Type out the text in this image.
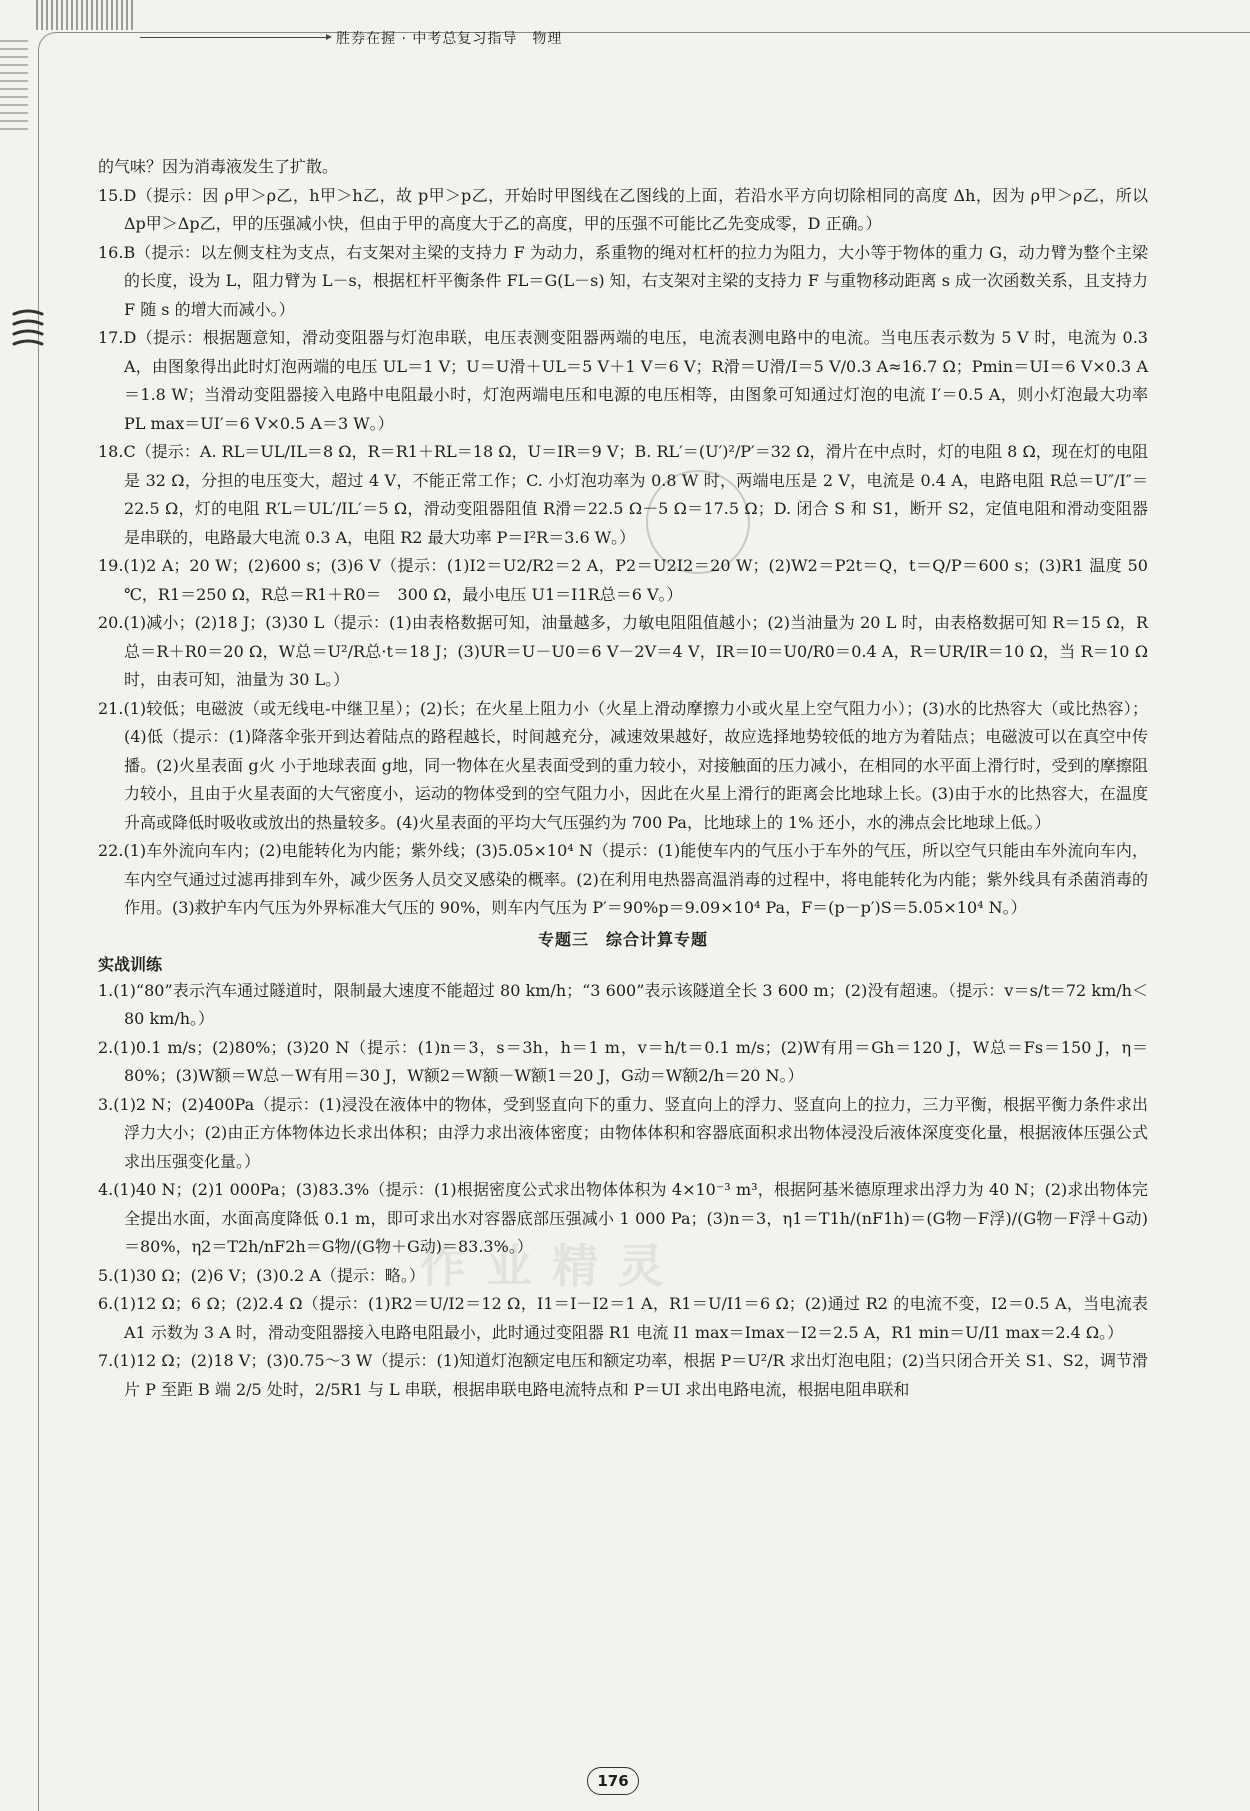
胜券在握 · 中考总复习指导　物理
作业精灵

的气味？因为消毒液发生了扩散。

15.D（提示：因 ρ甲＞ρ乙，h甲＞h乙，故 p甲＞p乙，开始时甲图线在乙图线的上面，若沿水平方向切除相同的高度 Δh，因为 ρ甲＞ρ乙，所以 Δp甲＞Δp乙，甲的压强减小快，但由于甲的高度大于乙的高度，甲的压强不可能比乙先变成零，D 正确。）

16.B（提示：以左侧支柱为支点，右支架对主梁的支持力 F 为动力，系重物的绳对杠杆的拉力为阻力，大小等于物体的重力 G，动力臂为整个主梁的长度，设为 L，阻力臂为 L－s，根据杠杆平衡条件 FL＝G(L－s) 知，右支架对主梁的支持力 F 与重物移动距离 s 成一次函数关系，且支持力 F 随 s 的增大而减小。）

17.D（提示：根据题意知，滑动变阻器与灯泡串联，电压表测变阻器两端的电压，电流表测电路中的电流。当电压表示数为 5 V 时，电流为 0.3 A，由图象得出此时灯泡两端的电压 UL＝1 V；U＝U滑＋UL＝5 V＋1 V＝6 V；R滑＝U滑/I＝5 V/0.3 A≈16.7 Ω；Pmin＝UI＝6 V×0.3 A＝1.8 W；当滑动变阻器接入电路中电阻最小时，灯泡两端电压和电源的电压相等，由图象可知通过灯泡的电流 I′＝0.5 A，则小灯泡最大功率 PL max＝UI′＝6 V×0.5 A＝3 W。）

18.C（提示：A. RL＝UL/IL＝8 Ω，R＝R1＋RL＝18 Ω，U＝IR＝9 V；B. RL′＝(U′)²/P′＝32 Ω，滑片在中点时，灯的电阻 8 Ω，现在灯的电阻是 32 Ω，分担的电压变大，超过 4 V，不能正常工作；C. 小灯泡功率为 0.8 W 时，两端电压是 2 V，电流是 0.4 A，电路电阻 R总＝U″/I″＝22.5 Ω，灯的电阻 R′L＝UL′/IL′＝5 Ω，滑动变阻器阻值 R滑＝22.5 Ω－5 Ω＝17.5 Ω；D. 闭合 S 和 S1，断开 S2，定值电阻和滑动变阻器是串联的，电路最大电流 0.3 A，电阻 R2 最大功率 P＝I²R＝3.6 W。）

19.(1)2 A；20 W；(2)600 s；(3)6 V（提示：(1)I2＝U2/R2＝2 A，P2＝U2I2＝20 W；(2)W2＝P2t＝Q，t＝Q/P＝600 s；(3)R1 温度 50 ℃，R1＝250 Ω，R总＝R1＋R0＝　300 Ω，最小电压 U1＝I1R总＝6 V。）

20.(1)减小；(2)18 J；(3)30 L（提示：(1)由表格数据可知，油量越多，力敏电阻阻值越小；(2)当油量为 20 L 时，由表格数据可知 R＝15 Ω，R总＝R＋R0＝20 Ω，W总＝U²/R总·t＝18 J；(3)UR＝U－U0＝6 V－2V＝4 V，IR＝I0＝U0/R0＝0.4 A，R＝UR/IR＝10 Ω，当 R＝10 Ω 时，由表可知，油量为 30 L。）

21.(1)较低；电磁波（或无线电-中继卫星）；(2)长；在火星上阻力小（火星上滑动摩擦力小或火星上空气阻力小）；(3)水的比热容大（或比热容）；(4)低（提示：(1)降落伞张开到达着陆点的路程越长，时间越充分，减速效果越好，故应选择地势较低的地方为着陆点；电磁波可以在真空中传播。(2)火星表面 g火 小于地球表面 g地，同一物体在火星表面受到的重力较小，对接触面的压力减小，在相同的水平面上滑行时，受到的摩擦阻力较小，且由于火星表面的大气密度小，运动的物体受到的空气阻力小，因此在火星上滑行的距离会比地球上长。(3)由于水的比热容大，在温度升高或降低时吸收或放出的热量较多。(4)火星表面的平均大气压强约为 700 Pa，比地球上的 1% 还小，水的沸点会比地球上低。）

22.(1)车外流向车内；(2)电能转化为内能；紫外线；(3)5.05×10⁴ N（提示：(1)能使车内的气压小于车外的气压，所以空气只能由车外流向车内，车内空气通过过滤再排到车外，减少医务人员交叉感染的概率。(2)在利用电热器高温消毒的过程中，将电能转化为内能；紫外线具有杀菌消毒的作用。(3)救护车内气压为外界标准大气压的 90%，则车内气压为 P′＝90%p＝9.09×10⁴ Pa，F＝(p－p′)S＝5.05×10⁴ N。）

专题三　综合计算专题
实战训练

1.(1)“80”表示汽车通过隧道时，限制最大速度不能超过 80 km/h；“3 600”表示该隧道全长 3 600 m；(2)没有超速。（提示：v＝s/t＝72 km/h＜80 km/h。）

2.(1)0.1 m/s；(2)80%；(3)20 N（提示：(1)n＝3，s＝3h，h＝1 m，v＝h/t＝0.1 m/s；(2)W有用＝Gh＝120 J，W总＝Fs＝150 J，η＝80%；(3)W额＝W总－W有用＝30 J，W额2＝W额－W额1＝20 J，G动＝W额2/h＝20 N。）

3.(1)2 N；(2)400Pa（提示：(1)浸没在液体中的物体，受到竖直向下的重力、竖直向上的浮力、竖直向上的拉力，三力平衡，根据平衡力条件求出浮力大小；(2)由正方体物体边长求出体积；由浮力求出液体密度；由物体体积和容器底面积求出物体浸没后液体深度变化量，根据液体压强公式求出压强变化量。）

4.(1)40 N；(2)1 000Pa；(3)83.3%（提示：(1)根据密度公式求出物体体积为 4×10⁻³ m³，根据阿基米德原理求出浮力为 40 N；(2)求出物体完全提出水面，水面高度降低 0.1 m，即可求出水对容器底部压强减小 1 000 Pa；(3)n＝3，η1＝T1h/(nF1h)＝(G物－F浮)/(G物－F浮＋G动)＝80%，η2＝T2h/nF2h＝G物/(G物＋G动)＝83.3%。）

5.(1)30 Ω；(2)6 V；(3)0.2 A（提示：略。）

6.(1)12 Ω；6 Ω；(2)2.4 Ω（提示：(1)R2＝U/I2＝12 Ω，I1＝I－I2＝1 A，R1＝U/I1＝6 Ω；(2)通过 R2 的电流不变，I2＝0.5 A，当电流表 A1 示数为 3 A 时，滑动变阻器接入电路电阻最小，此时通过变阻器 R1 电流 I1 max＝Imax－I2＝2.5 A，R1 min＝U/I1 max＝2.4 Ω。）

7.(1)12 Ω；(2)18 V；(3)0.75～3 W（提示：(1)知道灯泡额定电压和额定功率，根据 P＝U²/R 求出灯泡电阻；(2)当只闭合开关 S1、S2，调节滑片 P 至距 B 端 2/5 处时，2/5R1 与 L 串联，根据串联电路电流特点和 P＝UI 求出电路电流，根据电阻串联和

176
